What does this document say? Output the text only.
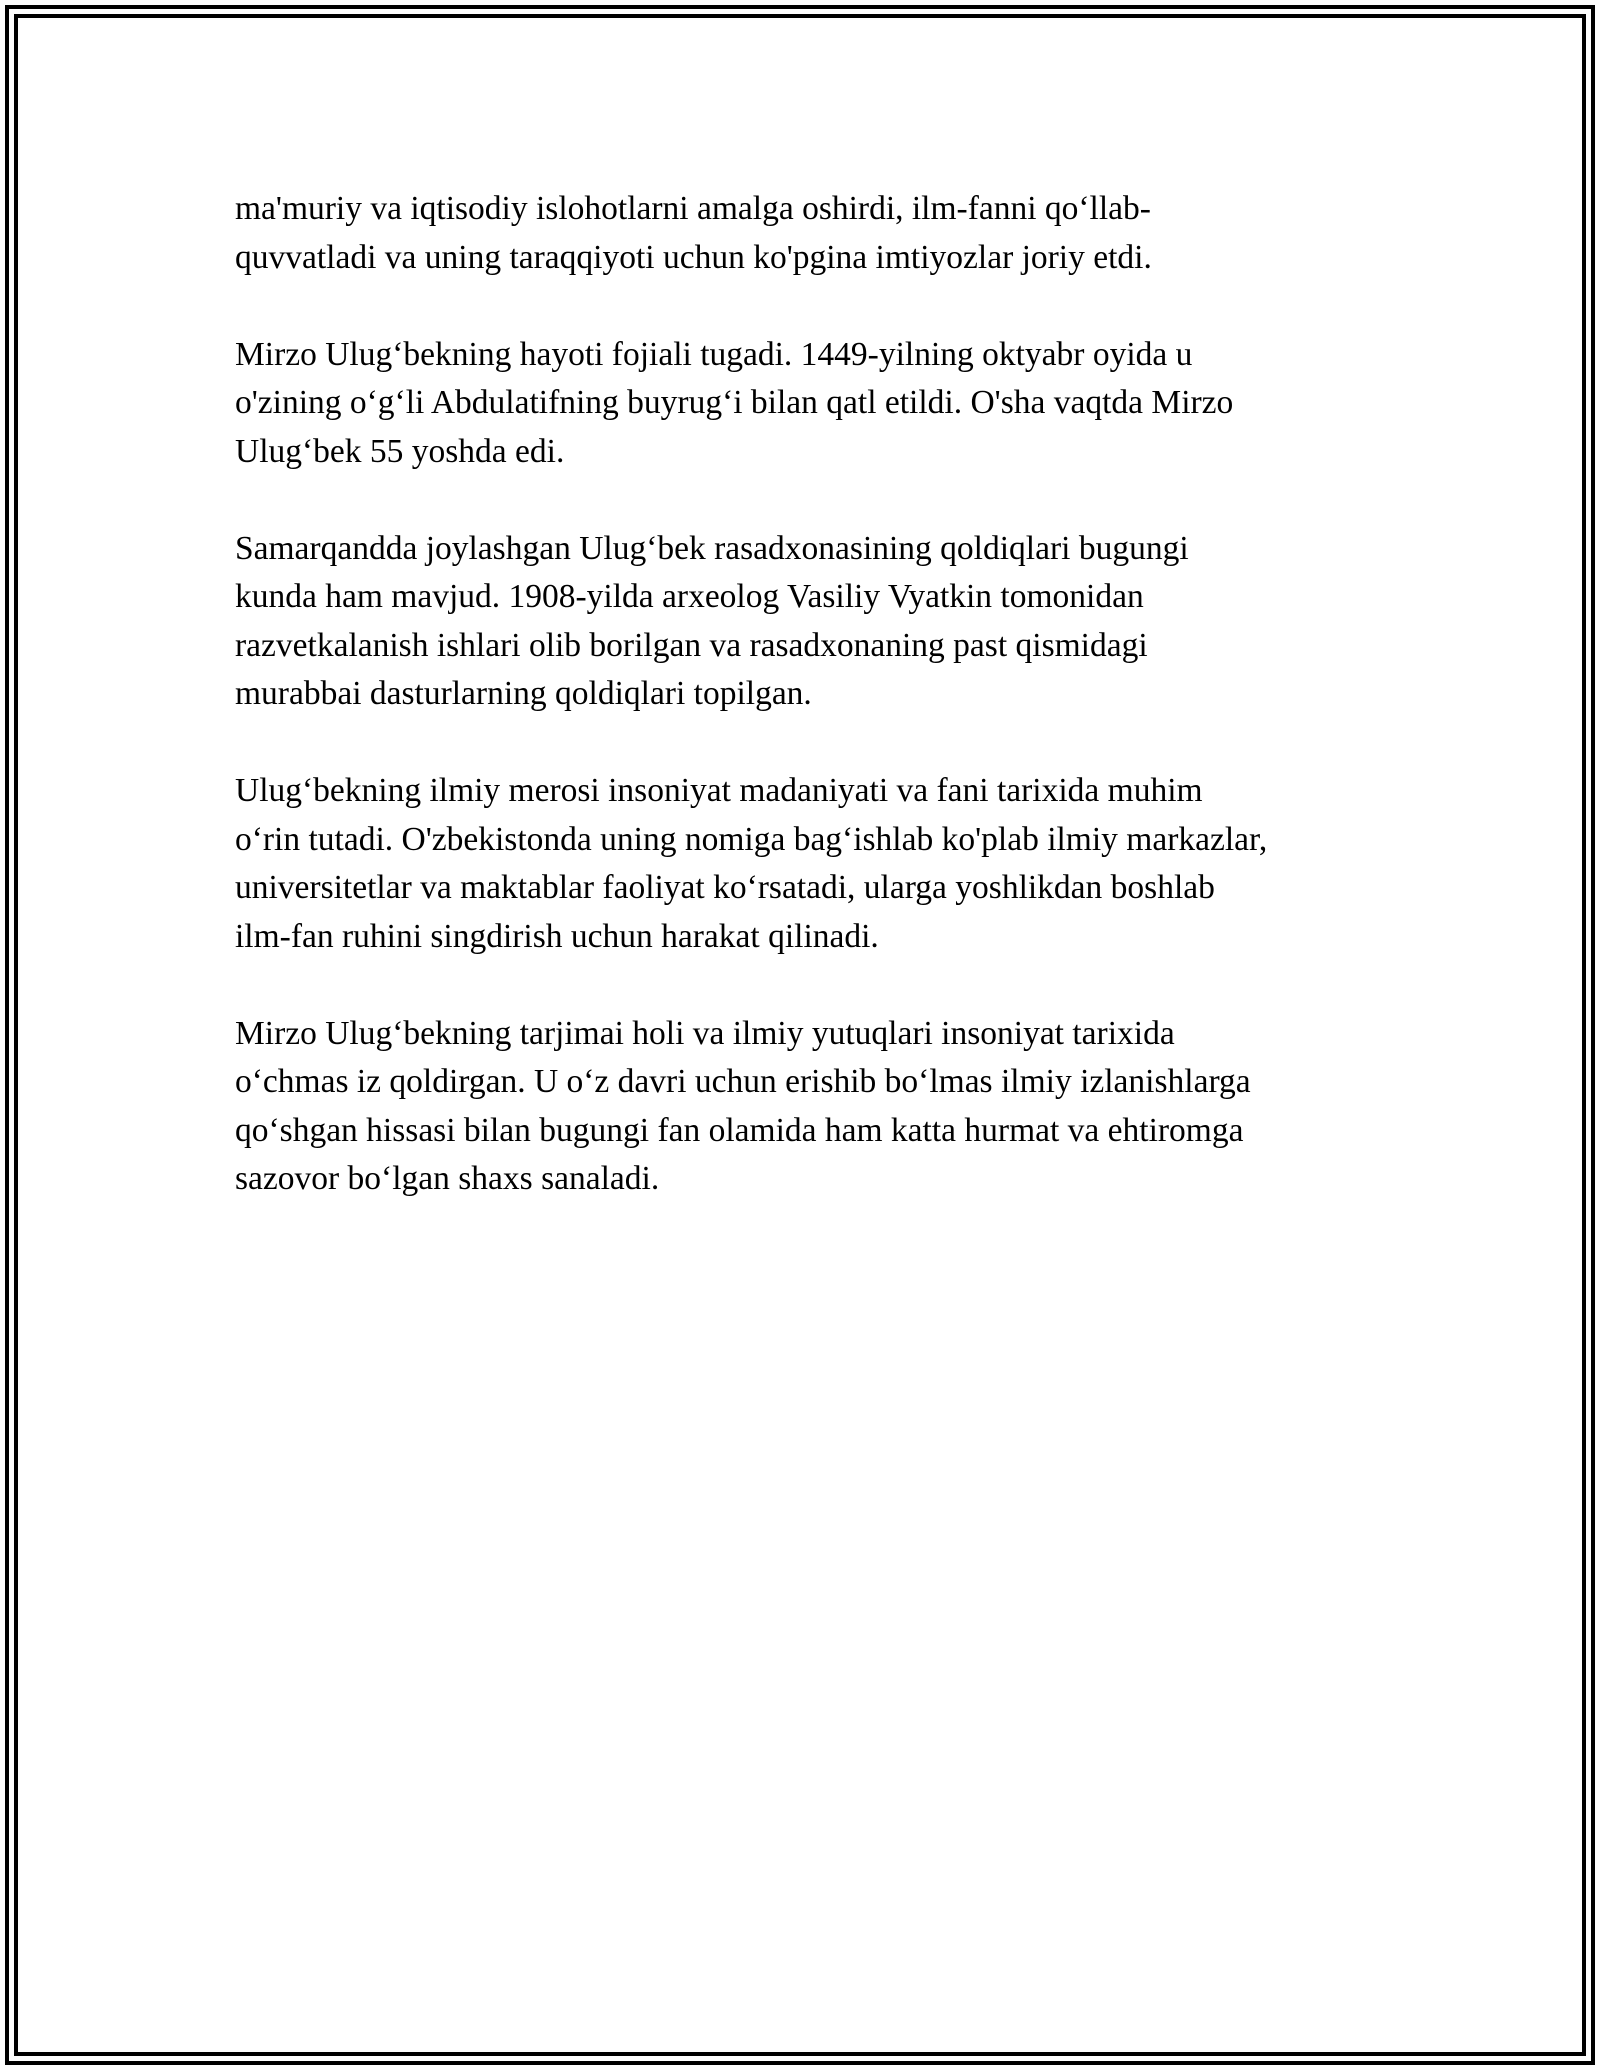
ma'muriy va iqtisodiy islohotlarni amalga oshirdi, ilm-fanni qo‘llab-
quvvatladi va uning taraqqiyoti uchun ko'pgina imtiyozlar joriy etdi.

Mirzo Ulug‘bekning hayoti fojiali tugadi. 1449-yilning oktyabr oyida u
o'zining o‘g‘li Abdulatifning buyrug‘i bilan qatl etildi. O'sha vaqtda Mirzo
Ulug‘bek 55 yoshda edi.

Samarqandda joylashgan Ulug‘bek rasadxonasining qoldiqlari bugungi
kunda ham mavjud. 1908-yilda arxeolog Vasiliy Vyatkin tomonidan
razvetkalanish ishlari olib borilgan va rasadxonaning past qismidagi
murabbai dasturlarning qoldiqlari topilgan.

Ulug‘bekning ilmiy merosi insoniyat madaniyati va fani tarixida muhim
o‘rin tutadi. O'zbekistonda uning nomiga bag‘ishlab ko'plab ilmiy markazlar,
universitetlar va maktablar faoliyat ko‘rsatadi, ularga yoshlikdan boshlab
ilm-fan ruhini singdirish uchun harakat qilinadi.

Mirzo Ulug‘bekning tarjimai holi va ilmiy yutuqlari insoniyat tarixida
o‘chmas iz qoldirgan. U o‘z davri uchun erishib bo‘lmas ilmiy izlanishlarga
qo‘shgan hissasi bilan bugungi fan olamida ham katta hurmat va ehtiromga
sazovor bo‘lgan shaxs sanaladi.
